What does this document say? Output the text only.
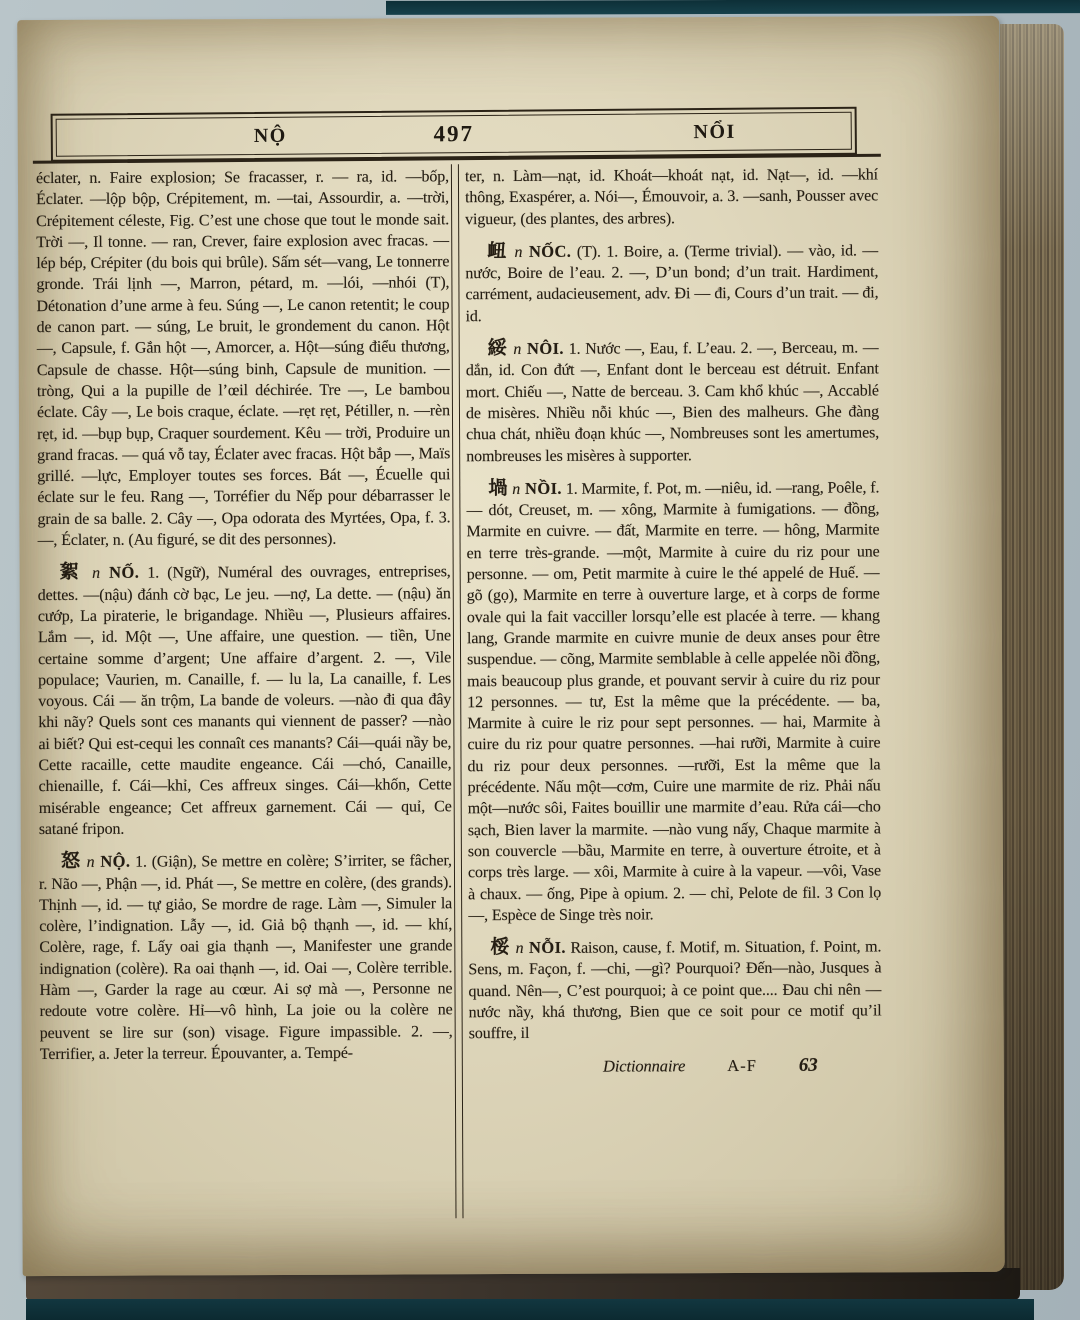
NỘ	497	NỔI

éclater, n. Faire explosion; Se fracasser, r. — ra, id. —bốp, Éclater. —lộp bộp, Crépitement, m. —tai, Assourdir, a. —trời, Crépitement céleste, Fig. C’est une chose que tout le monde sait. Trời —, Il tonne. — ran, Crever, faire explosion avec fracas. — lép bép, Crépiter (du bois qui brûle). Sấm sét—vang, Le tonnerre gronde. Trái lịnh —, Marron, pétard, m. —lói, —nhói (T), Détonation d’une arme à feu. Súng —, Le canon retentit; le coup de canon part. — súng, Le bruit, le grondement du canon. Hột —, Capsule, f. Gắn hột —, Amorcer, a. Hột—súng điểu thương, Capsule de chasse. Hột—súng binh, Capsule de munition. —tròng, Qui a la pupille de l’œil déchirée. Tre —, Le bambou éclate. Cây —, Le bois craque, éclate. —rẹt rẹt, Pétiller, n. —rèn rẹt, id. —bụp bụp, Craquer sourdement. Kêu — trời, Produire un grand fracas. — quá vỗ tay, Éclater avec fracas. Hột bắp —, Maïs grillé. —lực, Employer toutes ses forces. Bát —, Écuelle qui éclate sur le feu. Rang —, Torréfier du Nếp pour débarrasser le grain de sa balle. 2. Cây —, Opa odorata des Myrtées, Opa, f. 3. —, Éclater, n. (Au figuré, se dit des personnes).

絮 n NỐ. 1. (Ngữ), Numéral des ouvrages, entreprises, dettes. —(nậu) đánh cờ bạc, Le jeu. —nợ, La dette. — (nậu) ăn cướp, La piraterie, le brigandage. Nhiều —, Plusieurs affaires. Lắm —, id. Một —, Une affaire, une question. — tiền, Une certaine somme d’argent; Une affaire d’argent. 2. —, Vile populace; Vaurien, m. Canaille, f. — lu la, La canaille, f. Les voyous. Cái — ăn trộm, La bande de voleurs. —nào đi qua đây khi nãy? Quels sont ces manants qui viennent de passer? —nào ai biết? Qui est-cequi les connaît ces manants? Cái—quái nầy be, Cette racaille, cette maudite engeance. Cái —chó, Canaille, chienaille, f. Cái—khỉ, Ces affreux singes. Cái—khốn, Cette misérable engeance; Cet affreux garnement. Cái — quỉ, Ce satané fripon.

怒 n NỘ. 1. (Giận), Se mettre en colère; S’irriter, se fâcher, r. Não —, Phận —, id. Phát —, Se mettre en colère, (des grands). Thịnh —, id. — tự giảo, Se mordre de rage. Làm —, Simuler la colère, l’indignation. Lẫy —, id. Giả bộ thạnh —, id. — khí, Colère, rage, f. Lấy oai gia thạnh —, Manifester une grande indignation (colère). Ra oai thạnh —, id. Oai —, Colère terrible. Hàm —, Garder la rage au cœur. Ai sợ mà —, Personne ne redoute votre colère. Hỉ—vô hình, La joie ou la colère ne peuvent se lire sur (son) visage. Figure impassible. 2. —, Terrifier, a. Jeter la terreur. Épouvanter, a. Tempé-

ter, n. Làm—nạt, id. Khoát—khoát nạt, id. Nạt—, id. —khí thông, Exaspérer, a. Nói—, Émouvoir, a. 3. —sanh, Pousser avec vigueur, (des plantes, des arbres).

衄 n NỐC. (T). 1. Boire, a. (Terme trivial). — vào, id. — nước, Boire de l’eau. 2. —, D’un bond; d’un trait. Hardiment, carrément, audacieusement, adv. Đi — đi, Cours d’un trait. — đi, id.

綏 n NÔI. 1. Nước —, Eau, f. L’eau. 2. —, Berceau, m. — dắn, id. Con đứt —, Enfant dont le berceau est détruit. Enfant mort. Chiếu —, Natte de berceau. 3. Cam khổ khúc —, Accablé de misères. Nhiều nỗi khúc —, Bien des malheurs. Ghe đàng chua chát, nhiều đoạn khúc —, Nombreuses sont les amertumes, nombreuses les misères à supporter.

堝 n NỒI. 1. Marmite, f. Pot, m. —niêu, id. —rang, Poêle, f. — dót, Creuset, m. — xông, Marmite à fumigations. — đồng, Marmite en cuivre. — đất, Marmite en terre. — hông, Marmite en terre très-grande. —một, Marmite à cuire du riz pour une personne. — om, Petit marmite à cuire le thé appelé de Huế. — gõ (gọ), Marmite en terre à ouverture large, et à corps de forme ovale qui la fait vacciller lorsqu’elle est placée à terre. — khang lang, Grande marmite en cuivre munie de deux anses pour être suspendue. — cõng, Marmite semblable à celle appelée nồi đồng, mais beaucoup plus grande, et pouvant servir à cuire du riz pour 12 personnes. — tư, Est la même que la précédente. — ba, Marmite à cuire le riz pour sept personnes. — hai, Marmite à cuire du riz pour quatre personnes. —hai rưỡi, Marmite à cuire du riz pour deux personnes. —rưỡi, Est la même que la précédente. Nấu một—cơm, Cuire une marmite de riz. Phải nấu một—nước sôi, Faites bouillir une marmite d’eau. Rửa cái—cho sạch, Bien laver la marmite. —nào vung nấy, Chaque marmite à son couvercle —bầu, Marmite en terre, à ouverture étroite, et à corps très large. — xôi, Marmite à cuire à la vapeur. —vôi, Vase à chaux. — ống, Pipe à opium. 2. — chỉ, Pelote de fil. 3 Con lọ —, Espèce de Singe très noir.

桵 n NỖI. Raison, cause, f. Motif, m. Situation, f. Point, m. Sens, m. Façon, f. —chi, —gì? Pourquoi? Đến—nào, Jusques à quand. Nên—, C’est pourquoi; à ce point que.... Đau chi nên — nước nầy, khá thương, Bien que ce soit pour ce motif qu’il souffre, il

Dictionnaire	A-F 63
